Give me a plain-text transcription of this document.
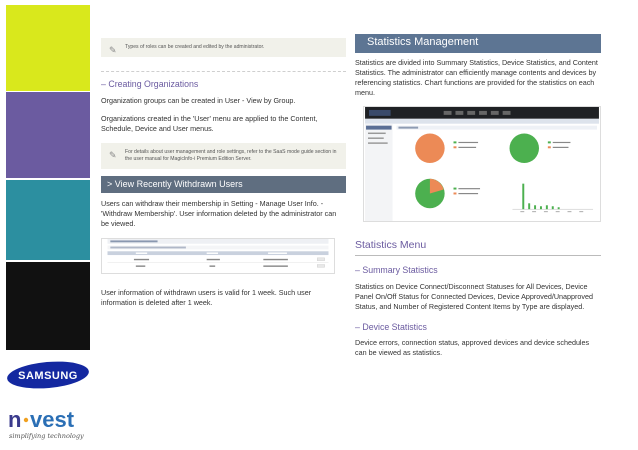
SAMSUNG
n vest
simplifying technology
✎ Types of roles can be created and edited by the administrator.
– Creating Organizations
Organization groups can be created in User - View by Group.
Organizations created in the 'User' menu are applied to the Content, Schedule, Device and User menus.
✎ For details about user management and role settings, refer to the SaaS mode guide section in the user manual for MagicInfo-i Premium Edition Server.
> View Recently Withdrawn Users
Users can withdraw their membership in Setting - Manage User Info. - 'Withdraw Membership'. User information deleted by the administrator can be viewed.
User information of withdrawn users is valid for 1 week. Such user information is deleted after 1 week.
Statistics Management
Statistics are divided into Summary Statistics, Device Statistics, and Content Statistics. The administrator can efficiently manage contents and devices by referencing statistics. Chart functions are provided for the statistics on each menu.
Statistics Menu
– Summary Statistics
Statistics on Device Connect/Disconnect Statuses for All Devices, Device Panel On/Off Status for Connected Devices, Device Approved/Unapproved Status, and Number of Registered Content Items by Type are displayed.
– Device Statistics
Device errors, connection status, approved devices and device schedules can be viewed as statistics.
